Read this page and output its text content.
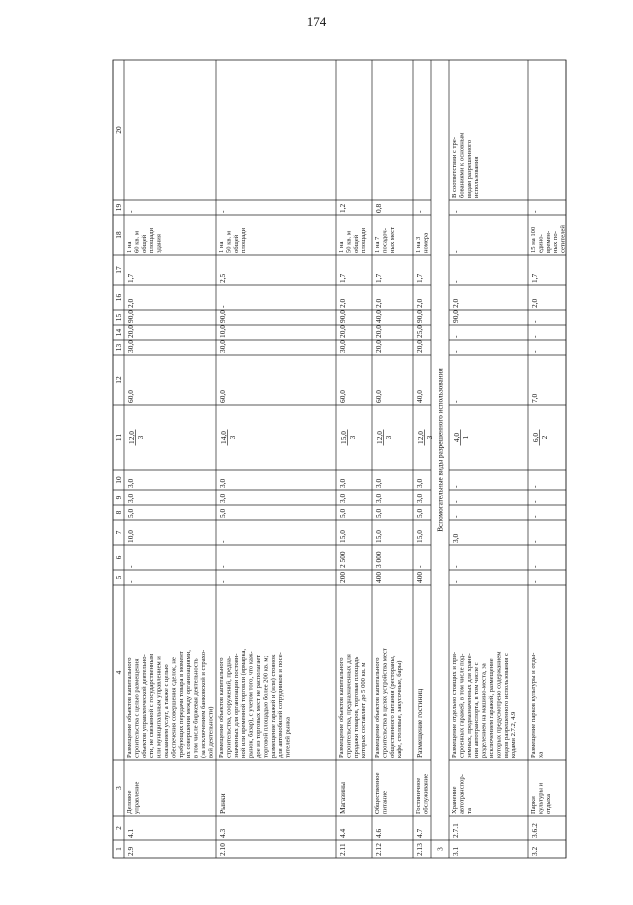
174
1
2
3
4
5
6
7
8
9
10
11
12
13
14
15
16
17
18
19
20
2.9
4.1
Деловое управление
Размещение объектов капитального строительства с целью размещения объектов управленческой деятельно- сти, не связанной с государственным или муниципальным управлением и оказанием услуг, а также с целью обеспечения совершения сделок, не требующих передачи товара в момент их совершения между организациями, в том числе биржевая деятельность (за исключением банковской и страхо- вой деятельности)
-
-
10,0
5,0
3,0
3,0
12,0 3
60,0
30,0
20,0
90,0
2,0
1,7
1 на 60 кв. м общей площади здания
-
2.10
4.3
Рынки
Размещение объектов капитального строительства, сооружений, предна- значенных для организации постоян- ной или временной торговли (ярмарка, рынок, базар), с учетом того, что каж- дое из торговых мест не располагает торговой площадью более 200 кв. м; размещение гаражей и (или) стоянок для автомобилей сотрудников и посе- тителей рынка
-
-
-
5,0
3,0
3,0
14,0 3
60,0
30,0
10,0
90,0
-
2,5
1 на 50 кв. м общей площади
-
2.11
4.4
Магазины
Размещение объектов капитального строительства, предназначенных для продажи товаров, торговая площадь которых составляет до 5 000 кв. м
200
2 500
15,0
5,0
3,0
3,0
15,0 3
60,0
30,0
20,0
90,0
2,0
1,7
1 на 50 кв. м общей площади
1,2
2.12
4.6
Общественное питание
Размещение объектов капитального строительства в целях устройства мест общественного питания (рестораны, кафе, столовые, закусочные, бары)
400
3 000
15,0
5,0
3,0
3,0
12,0 3
60,0
20,0
20,0
40,0
2,0
1,7
1 на 7 посадоч- ных мест
0,8
2.13
4.7
Гостиничное обслуживание
Размещение гостиниц
400
-
15,0
5,0
3,0
3,0
12,0 3
40,0
20,0
25,0
90,0
2,0
1,7
1 на 3 номера
-
3.1
2.7.1
Хранение автотранспор- та
Размещение отдельно стоящих и при- строенных гаражей, в том числе под- земных, предназначенных для хране- ния автотранспорта, в том числе с разделением на машино-места, за исключением гаражей, размещение которых предусмотрено содержанием видов разрешенного использования с кодами 2.7.2, 4.9
-
-
3,0
-
-
-
4,0 1
-
-
-
90,0
2,0
-
-
-
В соответствии с тре- бованиями к основным видам разрешенного использования
3.2
3.6.2
Парки культуры и отдыха
Размещение парков культуры и отды- ха
-
-
-
-
-
-
6,0 2
7,0
-
-
-
2,0
1,7
15 на 100 едино- времен- ных по- сетителей
-
3
Вспомогательные виды разрешенного использования
